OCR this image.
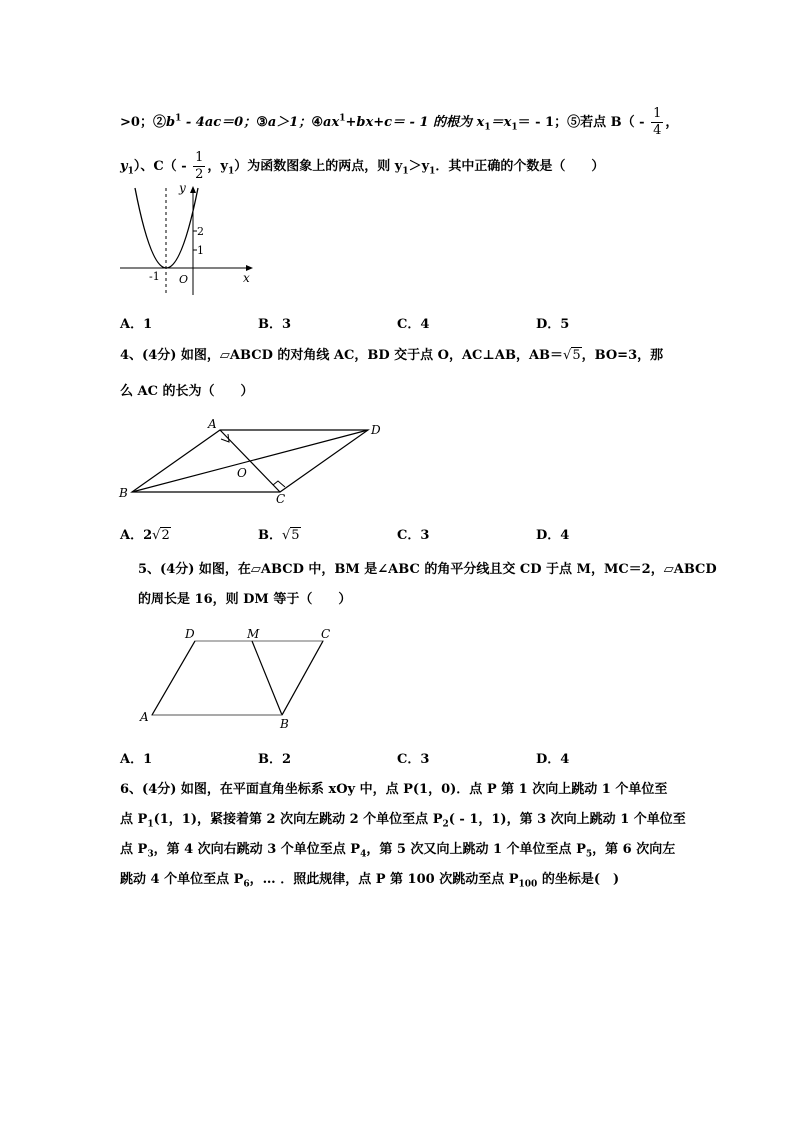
>0；$②b^1 - 4ac=0$；③a＞1；$④ax^1+bx+c= - 1$ 的根为 $x_1=x_1= - 1$；⑤若点 $B( - \frac{1}{4}$ ，
$y_1$）、$C( - \frac{1}{2}$ ，$y_1$）为函数图象上的两点，则 $y_1>y_1$．其中正确的个数是（　　）
y
x
O
2
1
-1
A．1	B．3	C．4	D．5
4、(4分) 如图，▱ABCD 的对角线 AC，BD 交于点 O，AC⊥AB，AB＝√5，BO=3，那
么 AC 的长为（　　）
A
B	C
D
O
A．2√2	B．√5	C．3	D．4
5、(4分) 如图，在▱ABCD 中，BM 是∠ABC 的角平分线且交 CD 于点 M，MC＝2，▱ABCD
的周长是 16，则 DM 等于（　　）
D	M	C
A	B
A．1	B．2	C．3	D．4
6、(4分) 如图，在平面直角坐标系 xOy 中，点 P(1，0)．点 P 第 1 次向上跳动 1 个单位至
点 $P_1(1$，1)，紧接着第 2 次向左跳动 2 个单位至点 $P_2( - 1$，1)，第 3 次向上跳动 1 个单位至
点 $P_3$，第 4 次向右跳动 3 个单位至点 $P_4$，第 5 次又向上跳动 1 个单位至点 $P_5$，第 6 次向左
跳动 4 个单位至点 $P_6$，… ．照此规律，点 P 第 100 次跳动至点 $P_{100}$ 的坐标是(　)
